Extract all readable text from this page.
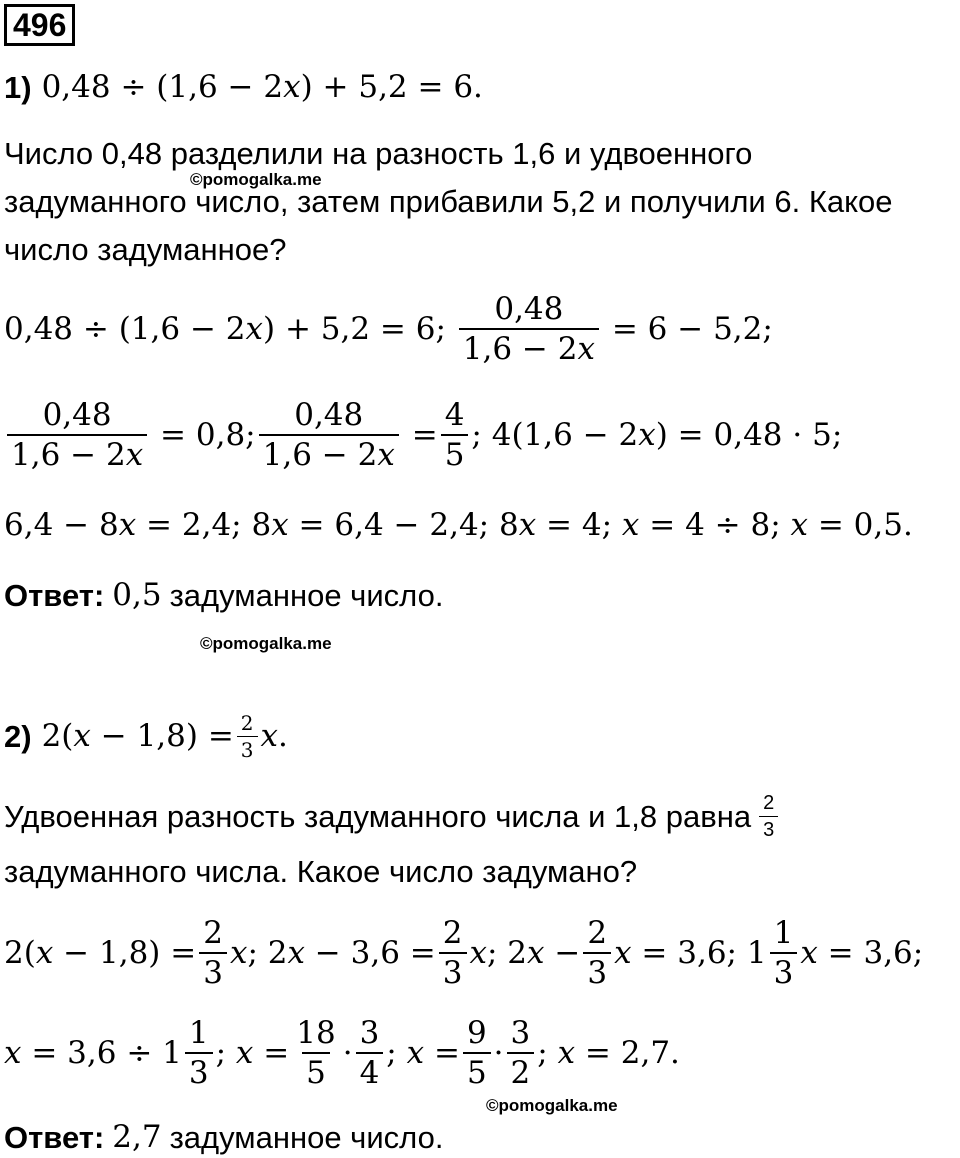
496
1) 0,48 ÷ (1,6 − 2x) + 5,2 = 6.
Число 0,48 разделили на разность 1,6 и удвоенного
©pomogalka.me
задуманного число, затем прибавили 5,2 и получили 6. Какое
число задуманное?
0,48 ÷ (1,6 − 2x) + 5,2 = 6; $\frac{0,48}{1,6 - 2x} = 6 - 5,2$;
$\frac{0,48}{1,6 - 2x} = 0,8$; $\frac{0,48}{1,6 - 2x} = \frac{4}{5}$ ; 4(1,6 − 2x) = 0,48 · 5;
6,4 − 8x = 2,4; 8x = 6,4 − 2,4; 8x = 4; x = 4 ÷ 8; x = 0,5.
Ответ: 0,5 задуманное число.
©pomogalka.me
2) $2(x - 1,8) = \frac{2}{3}$ x .
Удвоенная разность задуманного числа и 1,8 равна $\frac{2}{3}$
задуманного числа. Какое число задумано?
$2(x - 1,8) = \frac{2}{3}$ x ; $2x - 3,6 = \frac{2}{3}$ x ; $2x - \frac{2}{3}$ x = 3,6; $1 \frac{1}{3}$ x = 3,6;
$x = 3,6 \div 1 \frac{1}{3}$ ; $x = \frac{18}{5} \cdot \frac{3}{4}$ ; $x = \frac{9}{5} \cdot \frac{3}{2}$ ; x = 2,7.
©pomogalka.me
Ответ: 2,7 задуманное число.
